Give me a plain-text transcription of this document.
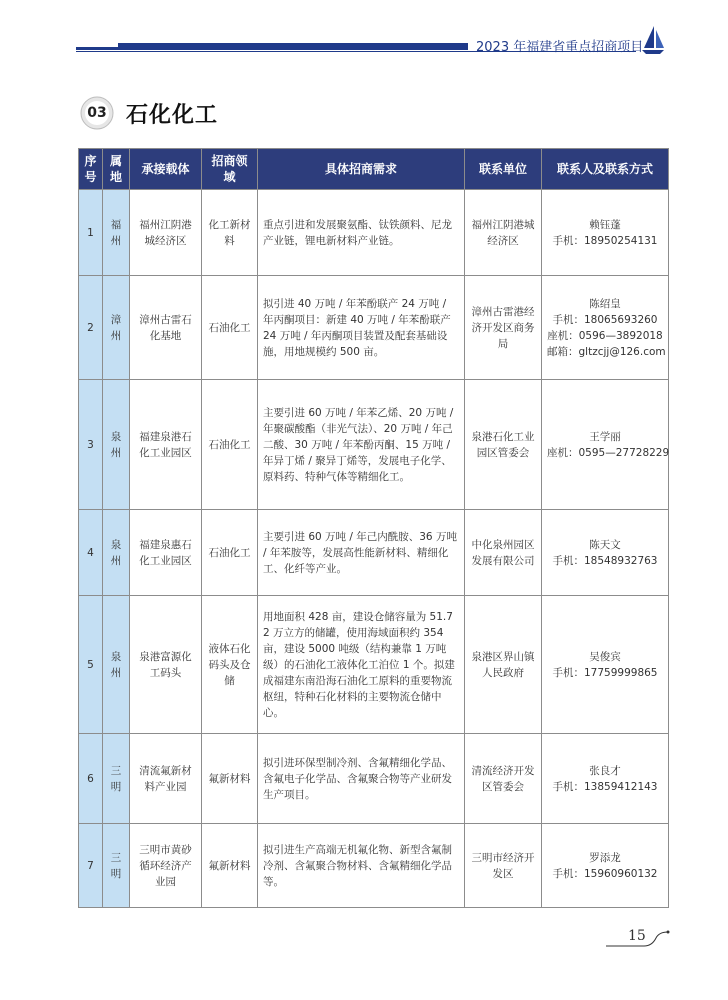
2023 年福建省重点招商项目
03 石化化工
序号	属地	承接载体	招商领域	具体招商需求	联系单位	联系人及联系方式
1	福州	福州江阴港城经济区	化工新材料	重点引进和发展聚氨酯、钛铁颜料、尼龙产业链，锂电新材料产业链。	福州江阴港城经济区	赖钰蓬
手机：18950254131

2	漳州	漳州古雷石化基地	石油化工	拟引进 40 万吨 / 年苯酚联产 24 万吨 / 年丙酮项目：新建 40 万吨 / 年苯酚联产 24 万吨 / 年丙酮项目装置及配套基础设施，用地规模约 500 亩。	漳州古雷港经济开发区商务局	陈绍皇
手机：18065693260
座机：0596—3892018
邮箱：gltzcjj@126.com

3	泉州	福建泉港石化工业园区	石油化工	主要引进 60 万吨 / 年苯乙烯、20 万吨 / 年聚碳酸酯（非光气法）、20 万吨 / 年己二酸、30 万吨 / 年苯酚丙酮、15 万吨 / 年异丁烯 / 聚异丁烯等，发展电子化学、原料药、特种气体等精细化工。	泉港石化工业园区管委会	王学丽
座机：0595—27728229

4	泉州	福建泉惠石化工业园区	石油化工	主要引进 60 万吨 / 年己内酰胺、36 万吨 / 年苯胺等，发展高性能新材料、精细化工、化纤等产业。	中化泉州园区发展有限公司	陈天文
手机：18548932763

5	泉州	泉港富源化工码头	液体石化码头及仓储	用地面积 428 亩，建设仓储容量为 51.72 万立方的储罐，使用海域面积约 354 亩，建设 5000 吨级（结构兼靠 1 万吨级）的石油化工液体化工泊位 1 个。拟建成福建东南沿海石油化工原料的重要物流枢纽，特种石化材料的主要物流仓储中心。	泉港区界山镇人民政府	吴俊宾
手机：17759999865

6	三明	清流氟新材料产业园	氟新材料	拟引进环保型制冷剂、含氟精细化学品、含氟电子化学品、含氟聚合物等产业研发生产项目。	清流经济开发区管委会	张良才
手机：13859412143

7	三明	三明市黄砂循环经济产业园	氟新材料	拟引进生产高端无机氟化物、新型含氟制冷剂、含氟聚合物材料、含氟精细化学品等。	三明市经济开发区	罗添龙
手机：15960960132
15
